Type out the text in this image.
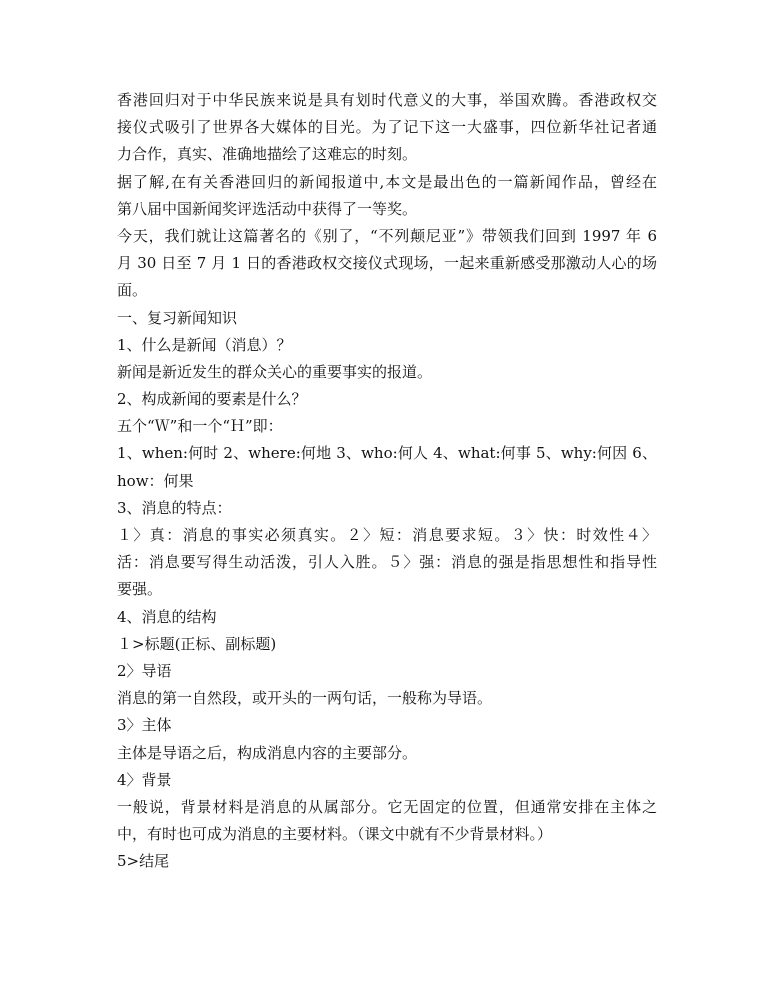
香港回归对于中华民族来说是具有划时代意义的大事，举国欢腾。香港政权交
接仪式吸引了世界各大媒体的目光。为了记下这一大盛事，四位新华社记者通
力合作，真实、准确地描绘了这难忘的时刻。
据了解,在有关香港回归的新闻报道中,本文是最出色的一篇新闻作品，曾经在
第八届中国新闻奖评选活动中获得了一等奖。
今天，我们就让这篇著名的《别了，“不列颠尼亚”》带领我们回到 1997 年 6
月 30 日至 7 月 1 日的香港政权交接仪式现场，一起来重新感受那激动人心的场
面。
一、复习新闻知识
1、什么是新闻（消息）？
新闻是新近发生的群众关心的重要事实的报道。
2、构成新闻的要素是什么？
五个“Ｗ”和一个“Ｈ”即：
1、when:何时 2、where:何地 3、who:何人 4、what:何事 5、why:何因 6、
how：何果
3、消息的特点：
１〉真：消息的事实必须真实。２〉短：消息要求短。３〉快：时效性４〉
活：消息要写得生动活泼，引人入胜。５〉强：消息的强是指思想性和指导性
要强。
4、消息的结构
１>标题(正标、副标题)
2〉导语
消息的第一自然段，或开头的一两句话，一般称为导语。
3〉主体
主体是导语之后，构成消息内容的主要部分。
4〉背景
一般说，背景材料是消息的从属部分。它无固定的位置，但通常安排在主体之
中，有时也可成为消息的主要材料。（课文中就有不少背景材料。）
5>结尾
